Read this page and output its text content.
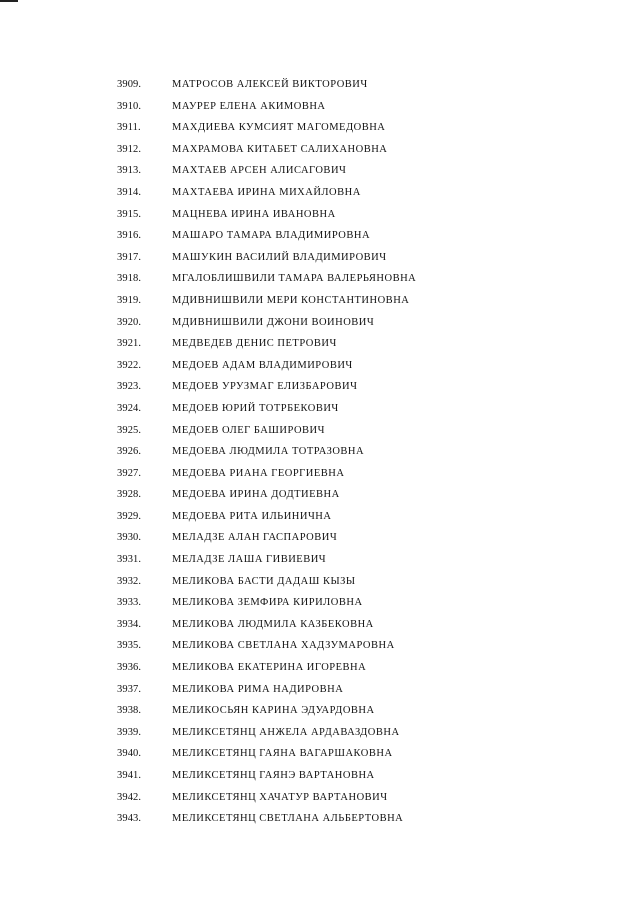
3909.	МАТРОСОВ АЛЕКСЕЙ ВИКТОРОВИЧ
3910.	МАУРЕР ЕЛЕНА АКИМОВНА
3911.	МАХДИЕВА КУМСИЯТ МАГОМЕДОВНА
3912.	МАХРАМОВА КИТАБЕТ САЛИХАНОВНА
3913.	МАХТАЕВ АРСЕН АЛИСАГОВИЧ
3914.	МАХТАЕВА ИРИНА МИХАЙЛОВНА
3915.	МАЦНЕВА ИРИНА ИВАНОВНА
3916.	МАШАРО ТАМАРА ВЛАДИМИРОВНА
3917.	МАШУКИН ВАСИЛИЙ ВЛАДИМИРОВИЧ
3918.	МГАЛОБЛИШВИЛИ ТАМАРА ВАЛЕРЬЯНОВНА
3919.	МДИВНИШВИЛИ МЕРИ КОНСТАНТИНОВНА
3920.	МДИВНИШВИЛИ ДЖОНИ ВОИНОВИЧ
3921.	МЕДВЕДЕВ ДЕНИС ПЕТРОВИЧ
3922.	МЕДОЕВ АДАМ ВЛАДИМИРОВИЧ
3923.	МЕДОЕВ УРУЗМАГ ЕЛИЗБАРОВИЧ
3924.	МЕДОЕВ ЮРИЙ ТОТРБЕКОВИЧ
3925.	МЕДОЕВ ОЛЕГ БАШИРОВИЧ
3926.	МЕДОЕВА ЛЮДМИЛА ТОТРАЗОВНА
3927.	МЕДОЕВА РИАНА ГЕОРГИЕВНА
3928.	МЕДОЕВА ИРИНА ДОДТИЕВНА
3929.	МЕДОЕВА РИТА ИЛЬИНИЧНА
3930.	МЕЛАДЗЕ АЛАН ГАСПАРОВИЧ
3931.	МЕЛАДЗЕ ЛАША ГИВИЕВИЧ
3932.	МЕЛИКОВА БАСТИ ДАДАШ КЫЗЫ
3933.	МЕЛИКОВА ЗЕМФИРА КИРИЛОВНА
3934.	МЕЛИКОВА ЛЮДМИЛА КАЗБЕКОВНА
3935.	МЕЛИКОВА СВЕТЛАНА ХАДЗУМАРОВНА
3936.	МЕЛИКОВА ЕКАТЕРИНА ИГОРЕВНА
3937.	МЕЛИКОВА РИМА НАДИРОВНА
3938.	МЕЛИКОСЬЯН КАРИНА ЭДУАРДОВНА
3939.	МЕЛИКСЕТЯНЦ АНЖЕЛА АРДАВАЗДОВНА
3940.	МЕЛИКСЕТЯНЦ ГАЯНА ВАГАРШАКОВНА
3941.	МЕЛИКСЕТЯНЦ ГАЯНЭ ВАРТАНОВНА
3942.	МЕЛИКСЕТЯНЦ ХАЧАТУР ВАРТАНОВИЧ
3943.	МЕЛИКСЕТЯНЦ СВЕТЛАНА АЛЬБЕРТОВНА
